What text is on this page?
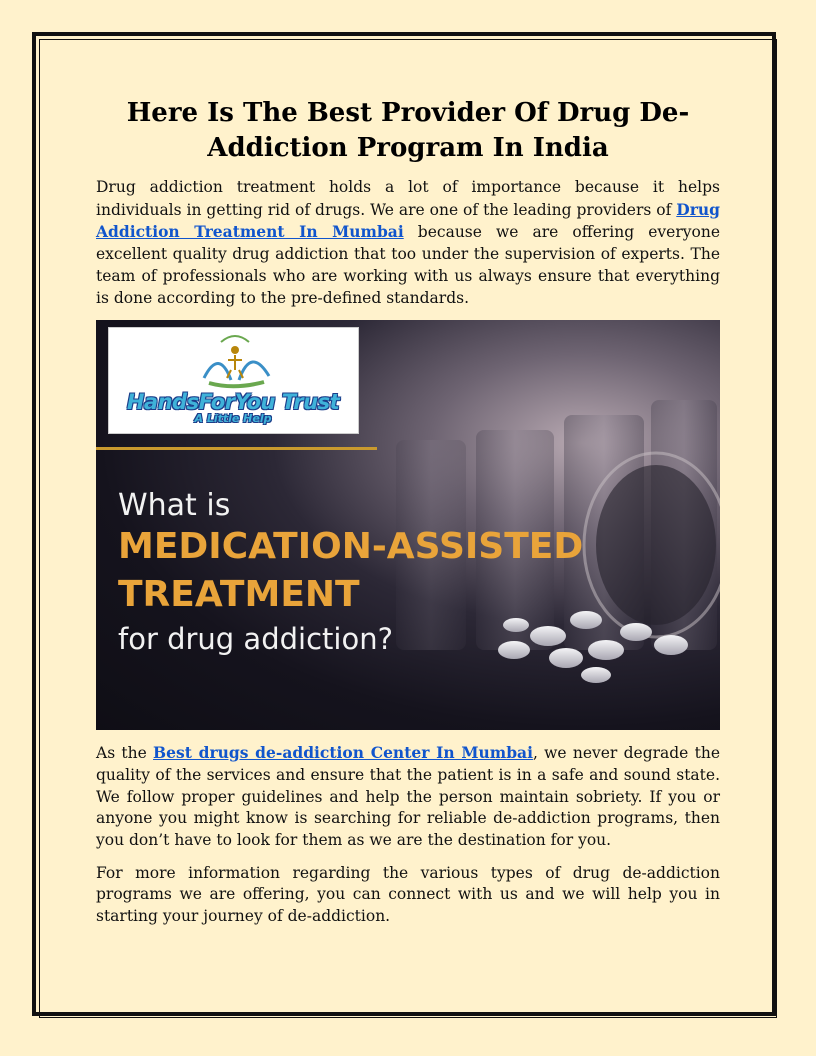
Here Is The Best Provider Of Drug De-Addiction Program In India

Drug addiction treatment holds a lot of importance because it helps individuals in getting rid of drugs. We are one of the leading providers of Drug Addiction Treatment In Mumbai because we are offering everyone excellent quality drug addiction that too under the supervision of experts. The team of professionals who are working with us always ensure that everything is done according to the pre-defined standards.

HandsForYou Trust
A Little Help
What is
MEDICATION-ASSISTED
TREATMENT
for drug addiction?

As the Best drugs de-addiction Center In Mumbai, we never degrade the quality of the services and ensure that the patient is in a safe and sound state. We follow proper guidelines and help the person maintain sobriety. If you or anyone you might know is searching for reliable de-addiction programs, then you don’t have to look for them as we are the destination for you.

For more information regarding the various types of drug de-addiction programs we are offering, you can connect with us and we will help you in starting your journey of de-addiction.
